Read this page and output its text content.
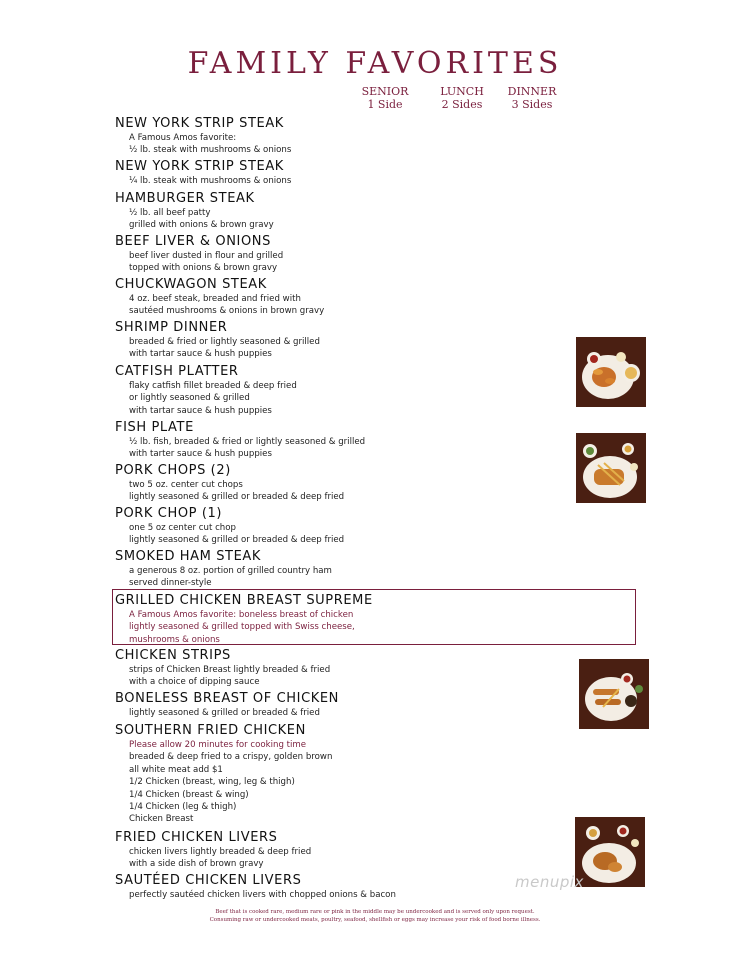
FAMILY FAVORITES
SENIOR
1 Side
LUNCH
2 Sides
DINNER
3 Sides
NEW YORK STRIP STEAK
A Famous Amos favorite:
½ lb. steak with mushrooms & onions
NEW YORK STRIP STEAK
¼ lb. steak with mushrooms & onions
HAMBURGER STEAK
½ lb. all beef patty
grilled with onions & brown gravy
BEEF LIVER & ONIONS
beef liver dusted in flour and grilled
topped with onions & brown gravy
CHUCKWAGON STEAK
4 oz. beef steak, breaded and fried with
sautéed mushrooms & onions in brown gravy
SHRIMP DINNER
breaded & fried or lightly seasoned & grilled
with tartar sauce & hush puppies
CATFISH PLATTER
flaky catfish fillet breaded & deep fried
or lightly seasoned & grilled
with tartar sauce & hush puppies
FISH PLATE
½ lb. fish, breaded & fried or lightly seasoned & grilled
with tarter sauce & hush puppies
PORK CHOPS (2)
two 5 oz. center cut chops
lightly seasoned & grilled or breaded & deep fried
PORK CHOP (1)
one 5 oz center cut chop
lightly seasoned & grilled or breaded & deep fried
SMOKED HAM STEAK
a generous 8 oz. portion of grilled country ham
served dinner-style
GRILLED CHICKEN BREAST SUPREME
A Famous Amos favorite: boneless breast of chicken
lightly seasoned & grilled topped with Swiss cheese,
mushrooms & onions
CHICKEN STRIPS
strips of Chicken Breast lightly breaded & fried
with a choice of dipping sauce
BONELESS BREAST OF CHICKEN
lightly seasoned & grilled or breaded & fried
SOUTHERN FRIED CHICKEN
Please allow 20 minutes for cooking time
breaded & deep fried to a crispy, golden brown
all white meat add $1
1/2 Chicken (breast, wing, leg & thigh)
1/4 Chicken (breast & wing)
1/4 Chicken (leg & thigh)
Chicken Breast
FRIED CHICKEN LIVERS
chicken livers lightly breaded & deep fried
with a side dish of brown gravy
SAUTÉED CHICKEN LIVERS
perfectly sautéed chicken livers with chopped onions & bacon
Beef that is cooked rare, medium rare or pink in the middle may be undercooked and is served only upon request.
Consuming raw or undercooked meats, poultry, seafood, shellfish or eggs may increase your risk of food borne illness.
menupix
